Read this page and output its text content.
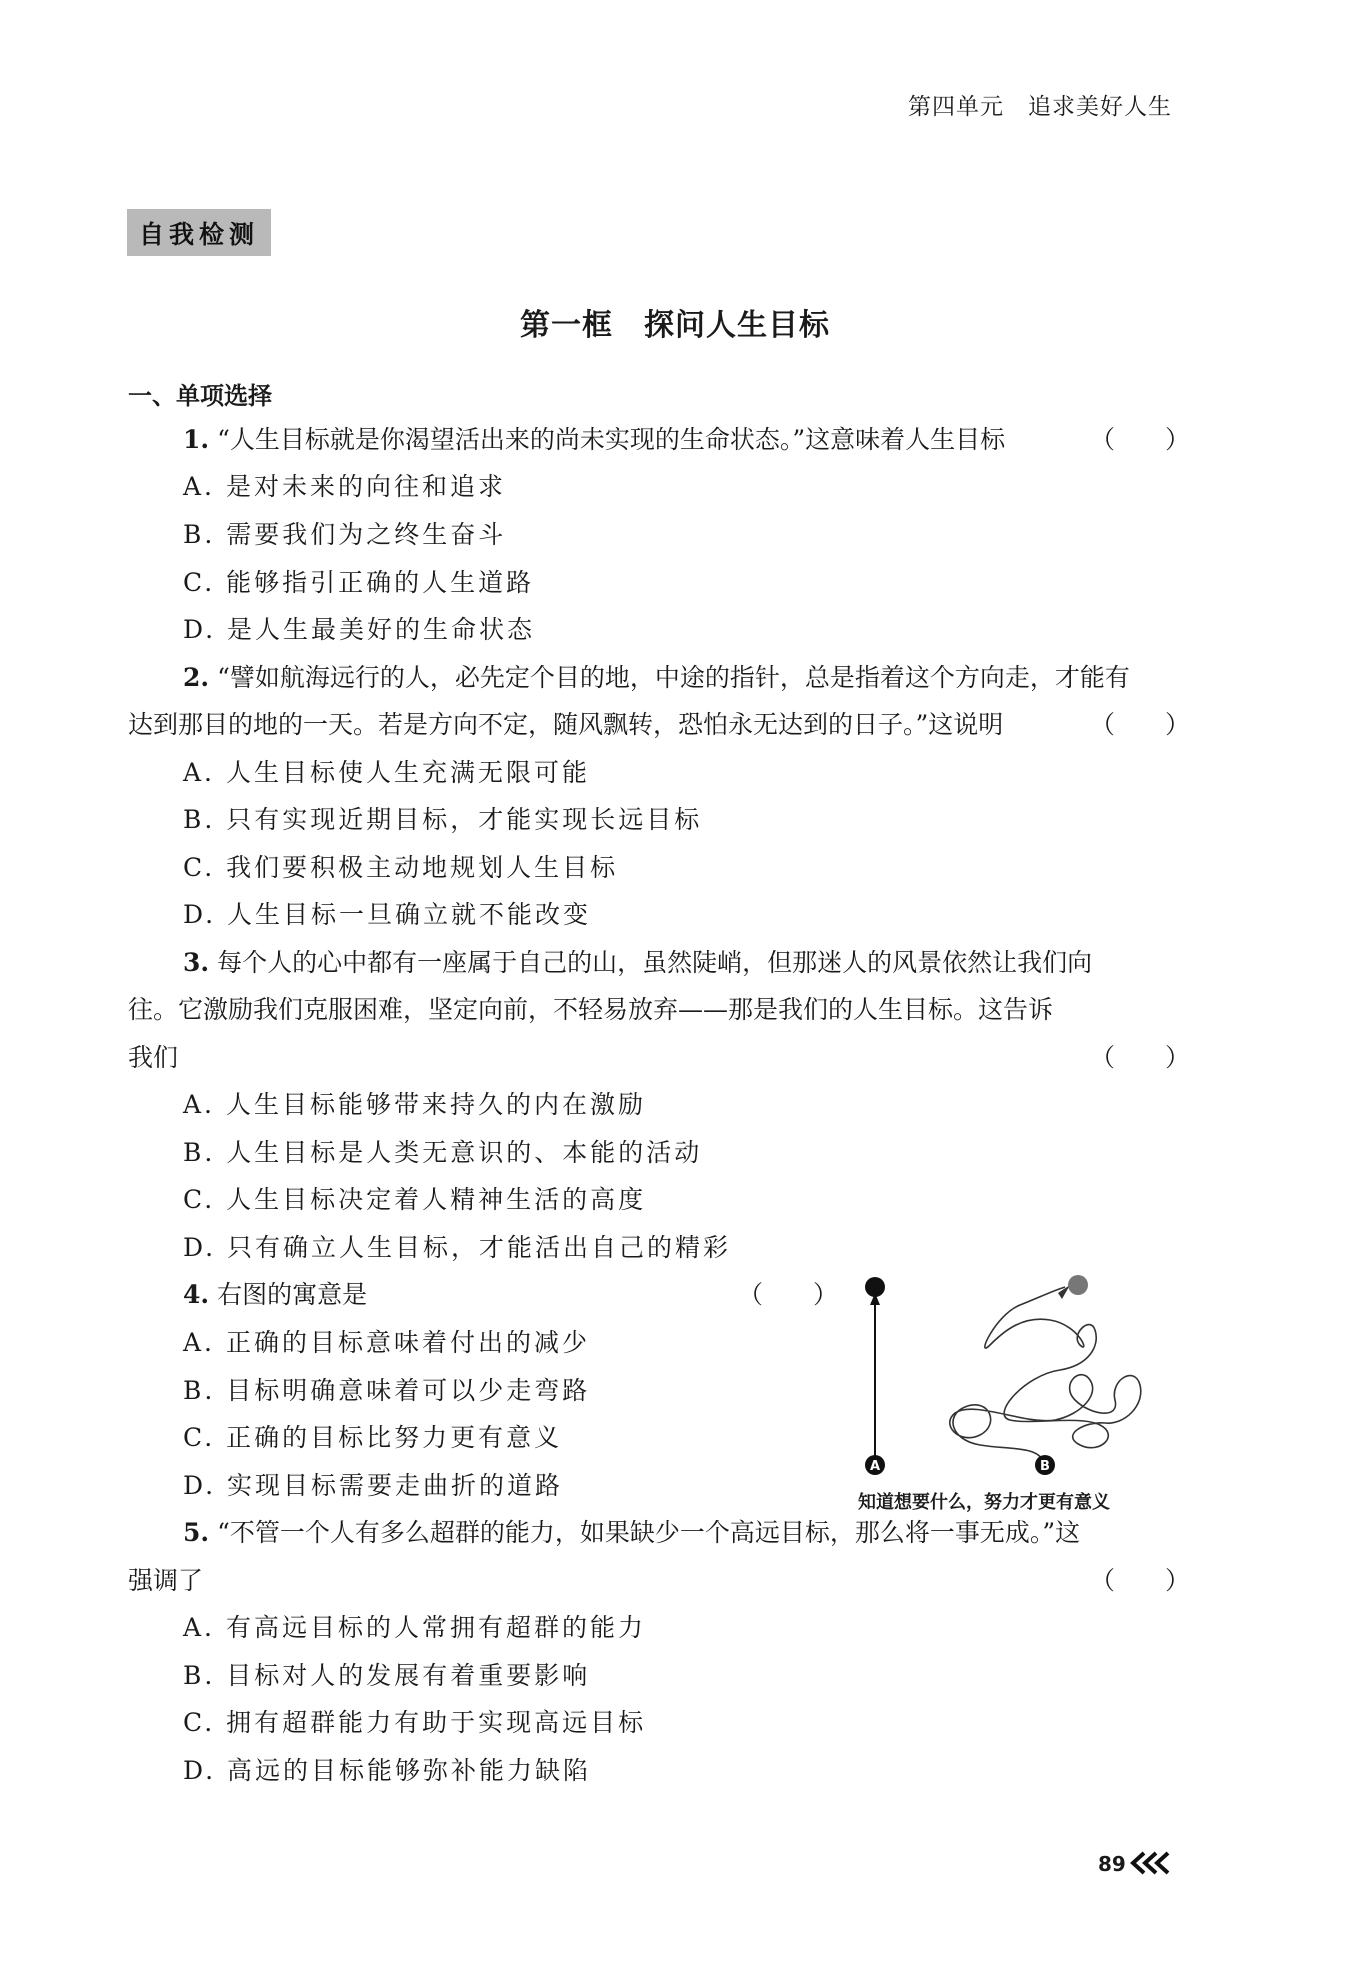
第四单元　追求美好人生
自我检测
第一框　探问人生目标
一、单项选择
1. “人生目标就是你渴望活出来的尚未实现的生命状态。”这意味着人生目标	（　　）
A. 是对未来的向往和追求
B. 需要我们为之终生奋斗
C. 能够指引正确的人生道路
D. 是人生最美好的生命状态
2. “譬如航海远行的人，必先定个目的地，中途的指针，总是指着这个方向走，才能有
达到那目的地的一天。若是方向不定，随风飘转，恐怕永无达到的日子。”这说明	（　　）
A. 人生目标使人生充满无限可能
B. 只有实现近期目标，才能实现长远目标
C. 我们要积极主动地规划人生目标
D. 人生目标一旦确立就不能改变
3. 每个人的心中都有一座属于自己的山，虽然陡峭，但那迷人的风景依然让我们向
往。它激励我们克服困难，坚定向前，不轻易放弃——那是我们的人生目标。这告诉
我们	（　　）
A. 人生目标能够带来持久的内在激励
B. 人生目标是人类无意识的、本能的活动
C. 人生目标决定着人精神生活的高度
D. 只有确立人生目标，才能活出自己的精彩
4. 右图的寓意是	（　　）
A. 正确的目标意味着付出的减少
B. 目标明确意味着可以少走弯路
C. 正确的目标比努力更有意义
D. 实现目标需要走曲折的道路
A	B
知道想要什么，努力才更有意义
5. “不管一个人有多么超群的能力，如果缺少一个高远目标，那么将一事无成。”这
强调了	（　　）
A. 有高远目标的人常拥有超群的能力
B. 目标对人的发展有着重要影响
C. 拥有超群能力有助于实现高远目标
D. 高远的目标能够弥补能力缺陷
89
